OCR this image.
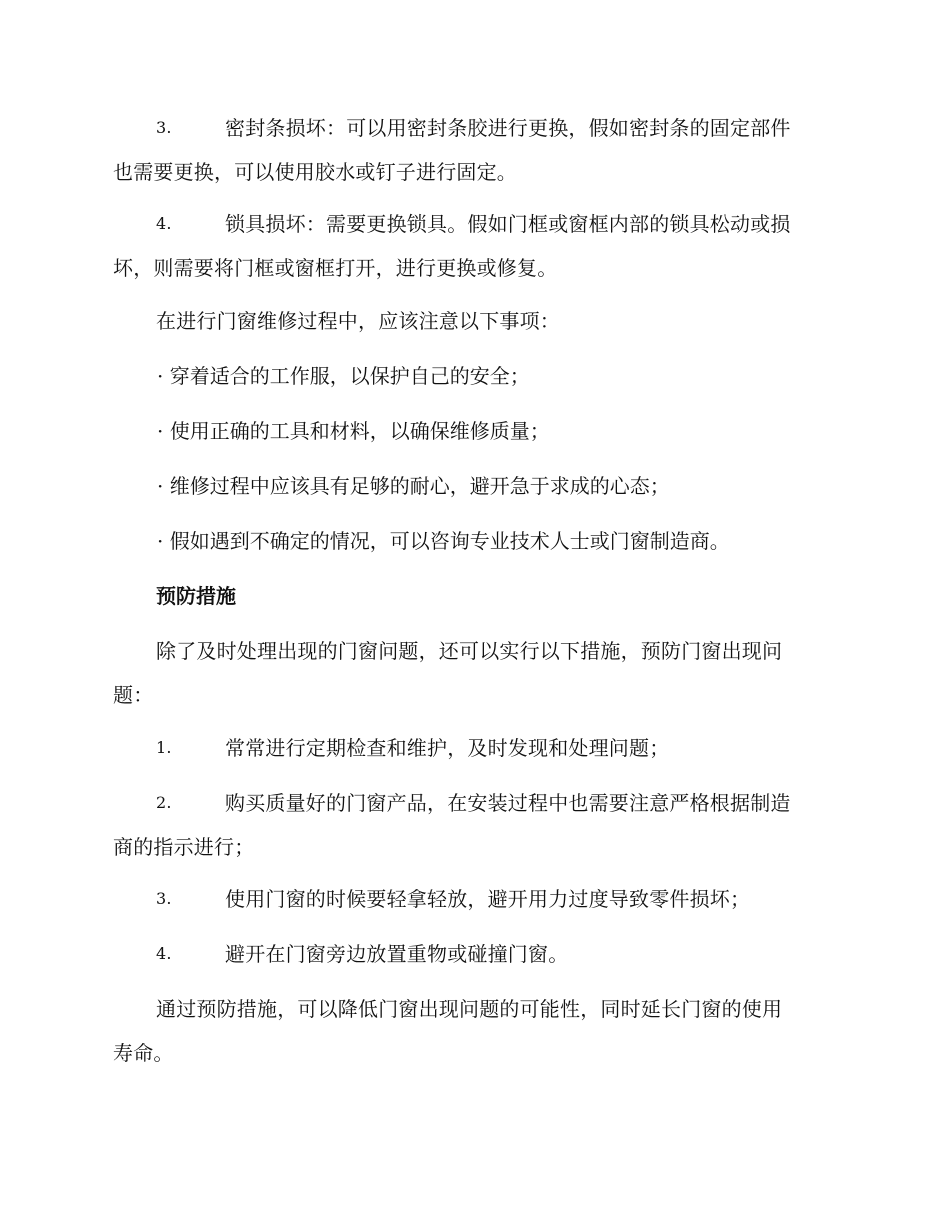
3.	密封条损坏：可以用密封条胶进行更换，假如密封条的固定部件
也需要更换，可以使用胶水或钉子进行固定。
4.	锁具损坏：需要更换锁具。假如门框或窗框内部的锁具松动或损
坏，则需要将门框或窗框打开，进行更换或修复。
在进行门窗维修过程中，应该注意以下事项：
· 穿着适合的工作服，以保护自己的安全；
· 使用正确的工具和材料，以确保维修质量；
· 维修过程中应该具有足够的耐心，避开急于求成的心态；
· 假如遇到不确定的情况，可以咨询专业技术人士或门窗制造商。
预防措施
除了及时处理出现的门窗问题，还可以实行以下措施，预防门窗出现问
题：
1.	常常进行定期检查和维护，及时发现和处理问题；
2.	购买质量好的门窗产品，在安装过程中也需要注意严格根据制造
商的指示进行；
3.	使用门窗的时候要轻拿轻放，避开用力过度导致零件损坏；
4.	避开在门窗旁边放置重物或碰撞门窗。
通过预防措施，可以降低门窗出现问题的可能性，同时延长门窗的使用
寿命。
